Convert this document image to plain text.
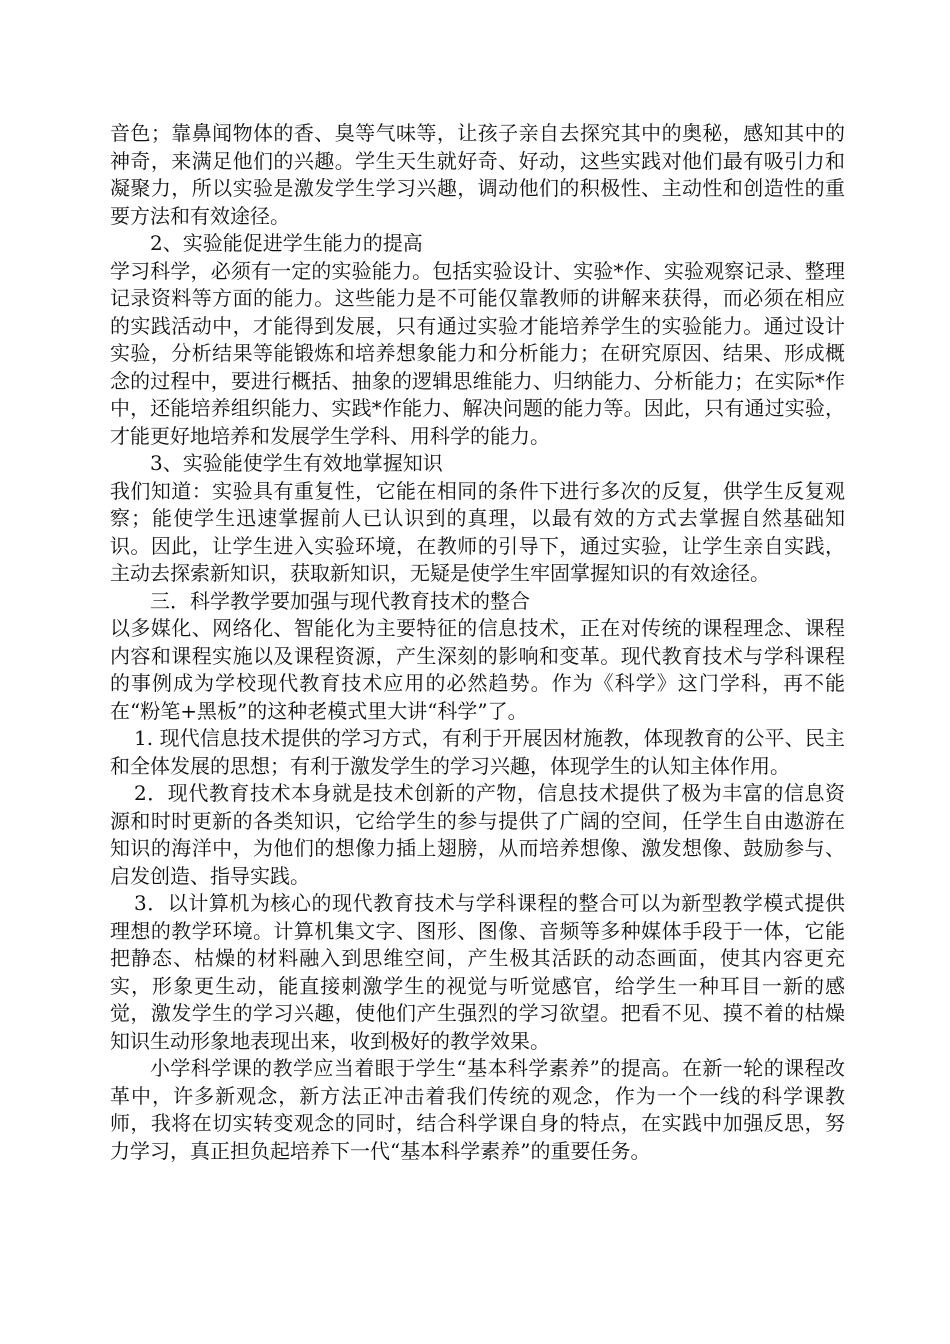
音色；靠鼻闻物体的香、臭等气味等，让孩子亲自去探究其中的奥秘，感知其中的神奇，来满足他们的兴趣。学生天生就好奇、好动，这些实践对他们最有吸引力和凝聚力，所以实验是激发学生学习兴趣，调动他们的积极性、主动性和创造性的重要方法和有效途径。

2、实验能促进学生能力的提高

学习科学，必须有一定的实验能力。包括实验设计、实验*作、实验观察记录、整理记录资料等方面的能力。这些能力是不可能仅靠教师的讲解来获得，而必须在相应的实践活动中，才能得到发展，只有通过实验才能培养学生的实验能力。通过设计实验，分析结果等能锻炼和培养想象能力和分析能力；在研究原因、结果、形成概念的过程中，要进行概括、抽象的逻辑思维能力、归纳能力、分析能力；在实际*作中，还能培养组织能力、实践*作能力、解决问题的能力等。因此，只有通过实验，才能更好地培养和发展学生学科、用科学的能力。

3、实验能使学生有效地掌握知识

我们知道：实验具有重复性，它能在相同的条件下进行多次的反复，供学生反复观察；能使学生迅速掌握前人已认识到的真理，以最有效的方式去掌握自然基础知识。因此，让学生进入实验环境，在教师的引导下，通过实验，让学生亲自实践，主动去探索新知识，获取新知识，无疑是使学生牢固掌握知识的有效途径。

三．科学教学要加强与现代教育技术的整合

以多媒化、网络化、智能化为主要特征的信息技术，正在对传统的课程理念、课程内容和课程实施以及课程资源，产生深刻的影响和变革。现代教育技术与学科课程的事例成为学校现代教育技术应用的必然趋势。作为《科学》这门学科，再不能在“粉笔+黑板”的这种老模式里大讲“科学”了。

1. 现代信息技术提供的学习方式，有利于开展因材施教，体现教育的公平、民主和全体发展的思想；有利于激发学生的学习兴趣，体现学生的认知主体作用。

2．现代教育技术本身就是技术创新的产物，信息技术提供了极为丰富的信息资源和时时更新的各类知识，它给学生的参与提供了广阔的空间，任学生自由遨游在知识的海洋中，为他们的想像力插上翅膀，从而培养想像、激发想像、鼓励参与、启发创造、指导实践。

3．以计算机为核心的现代教育技术与学科课程的整合可以为新型教学模式提供理想的教学环境。计算机集文字、图形、图像、音频等多种媒体手段于一体，它能把静态、枯燥的材料融入到思维空间，产生极其活跃的动态画面，使其内容更充实，形象更生动，能直接刺激学生的视觉与听觉感官，给学生一种耳目一新的感觉，激发学生的学习兴趣，使他们产生强烈的学习欲望。把看不见、摸不着的枯燥知识生动形象地表现出来，收到极好的教学效果。

小学科学课的教学应当着眼于学生“基本科学素养”的提高。在新一轮的课程改革中，许多新观念，新方法正冲击着我们传统的观念，作为一个一线的科学课教师，我将在切实转变观念的同时，结合科学课自身的特点，在实践中加强反思，努力学习，真正担负起培养下一代“基本科学素养”的重要任务。
